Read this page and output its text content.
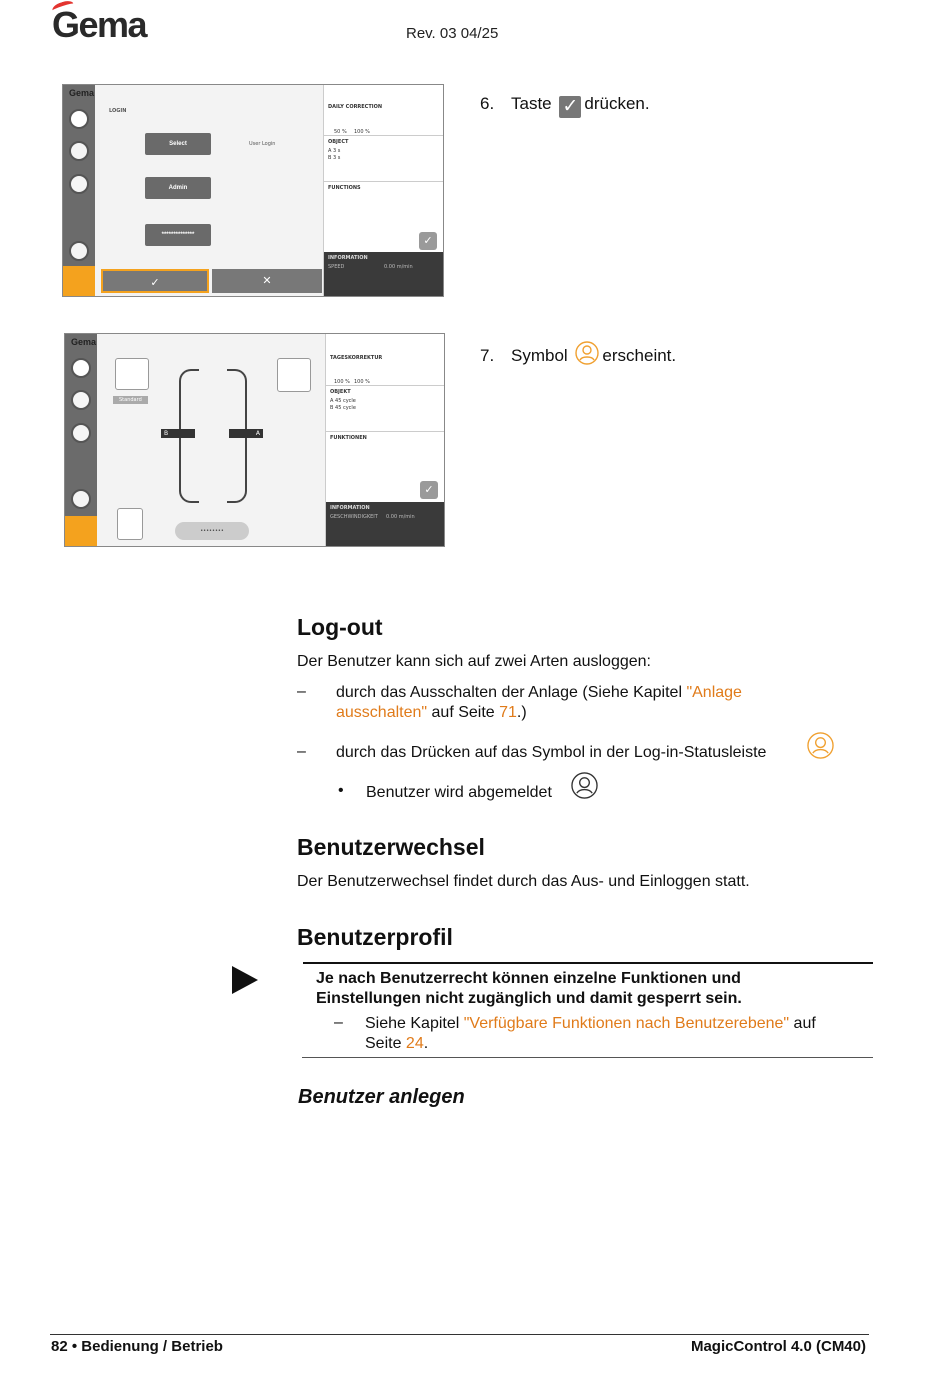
Gema	Rev. 03 04/25
Gema
LOGIN
Select	User Login
Admin
**************
✓	✕
DAILY CORRECTION
50 % 100 %
OBJECT
A 3 s
B 3 s
FUNCTIONS
✓
INFORMATION
SPEED	0.00 m/min
6. Taste ✓ drücken.
Gema
Standard
B	A
••••••••
TAGESKORREKTUR
100 % 100 %
OBJEKT
A 45 cycle
B 45 cycle
FUNKTIONEN
✓
INFORMATION
GESCHWINDIGKEIT 0.00 m/min
7. Symbol erscheint.
Log-out
Der Benutzer kann sich auf zwei Arten ausloggen:
– durch das Ausschalten der Anlage (Siehe Kapitel "Anlage
ausschalten" auf Seite 71.)
– durch das Drücken auf das Symbol in der Log-in-Statusleiste
• Benutzer wird abgemeldet
Benutzerwechsel
Der Benutzerwechsel findet durch das Aus- und Einloggen statt.
Benutzerprofil
Je nach Benutzerrecht können einzelne Funktionen und
Einstellungen nicht zugänglich und damit gesperrt sein.
– Siehe Kapitel "Verfügbare Funktionen nach Benutzerebene" auf
Seite 24.
Benutzer anlegen
82 • Bedienung / Betrieb	MagicControl 4.0 (CM40)
